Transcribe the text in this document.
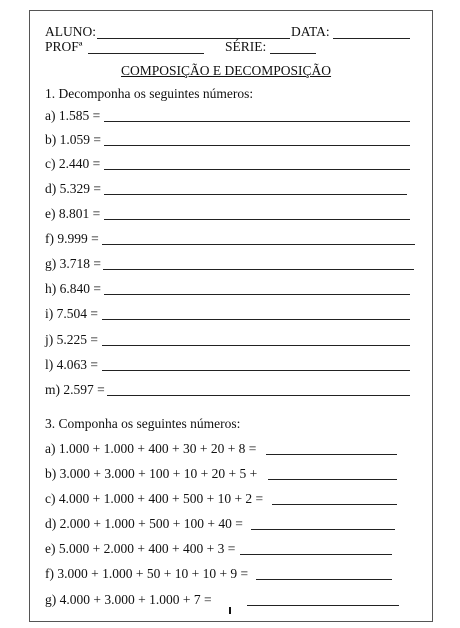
ALUNO:	DATA:
PROFª	SÉRIE:
COMPOSIÇÃO E DECOMPOSIÇÃO
1. Decomponha os seguintes números:
a) 1.585 =
b) 1.059 =
c) 2.440 =
d) 5.329 =
e) 8.801 =
f) 9.999 =
g) 3.718 =
h) 6.840 =
i) 7.504 =
j) 5.225 =
l) 4.063 =
m) 2.597 =
3. Componha os seguintes números:
a) 1.000 + 1.000 + 400 + 30 + 20 + 8 =
b) 3.000 + 3.000 + 100 + 10 + 20 + 5 +
c) 4.000 + 1.000 + 400 + 500 + 10 + 2 =
d) 2.000 + 1.000 + 500 + 100 + 40 =
e) 5.000 + 2.000 + 400 + 400 + 3 =
f) 3.000 + 1.000 + 50 + 10 + 10 + 9 =
g) 4.000 + 3.000 + 1.000 + 7 =
